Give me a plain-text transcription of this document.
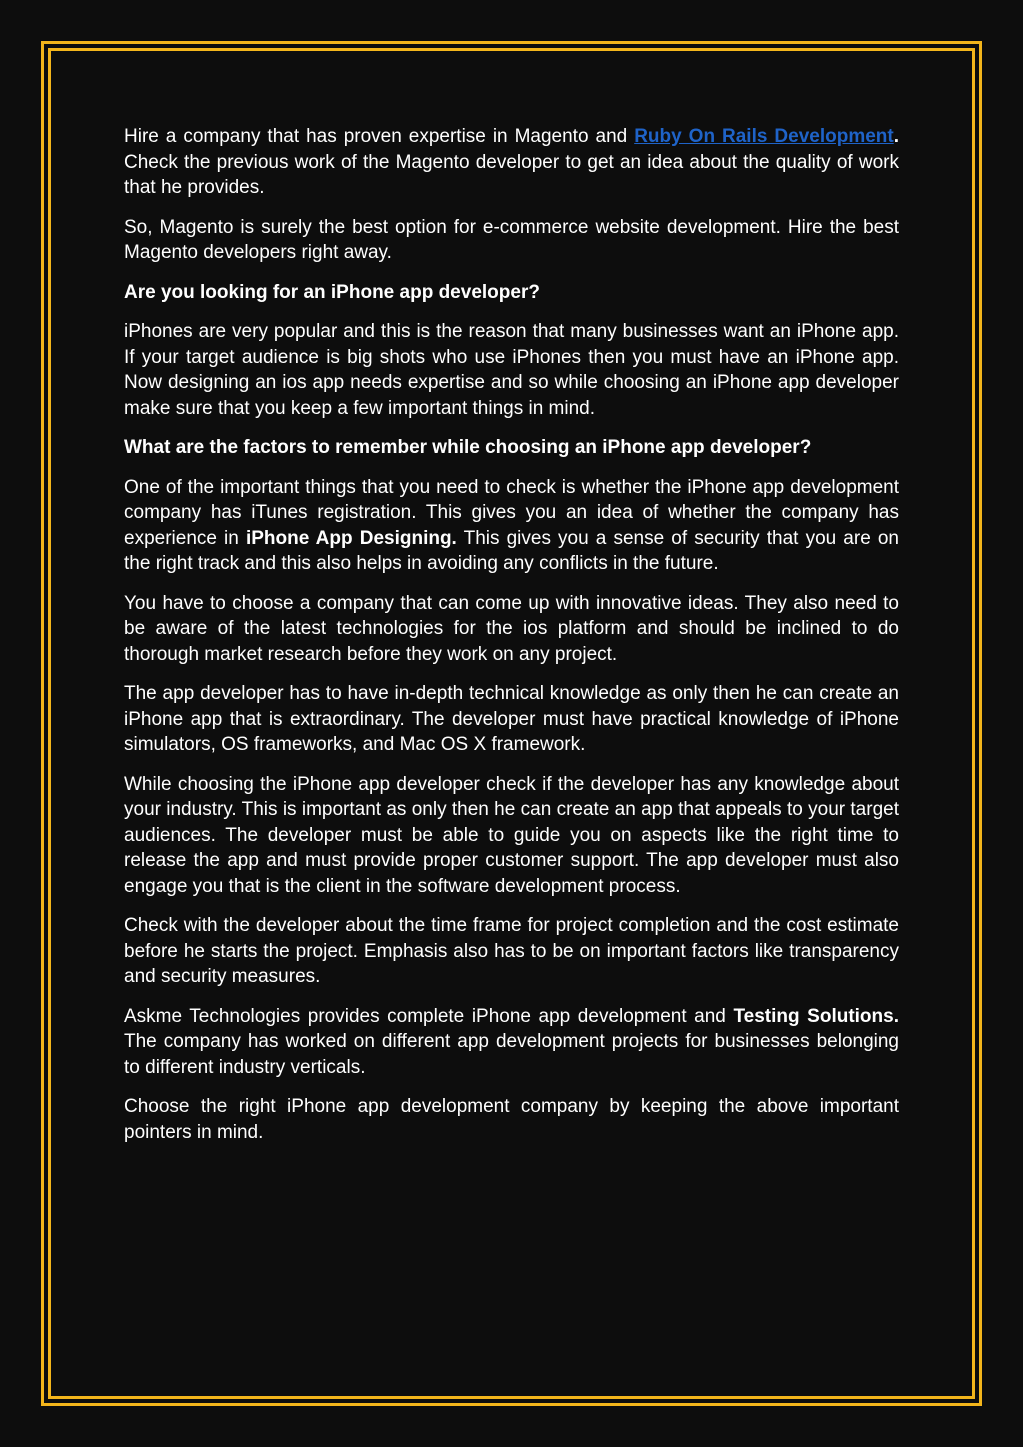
Hire a company that has proven expertise in Magento and Ruby On Rails Development. Check the previous work of the Magento developer to get an idea about the quality of work that he provides.

So, Magento is surely the best option for e-commerce website development. Hire the best Magento developers right away.

Are you looking for an iPhone app developer?

iPhones are very popular and this is the reason that many businesses want an iPhone app. If your target audience is big shots who use iPhones then you must have an iPhone app. Now designing an ios app needs expertise and so while choosing an iPhone app developer make sure that you keep a few important things in mind.

What are the factors to remember while choosing an iPhone app developer?

One of the important things that you need to check is whether the iPhone app development company has iTunes registration. This gives you an idea of whether the company has experience in iPhone App Designing. This gives you a sense of security that you are on the right track and this also helps in avoiding any conflicts in the future.

You have to choose a company that can come up with innovative ideas. They also need to be aware of the latest technologies for the ios platform and should be inclined to do thorough market research before they work on any project.

The app developer has to have in-depth technical knowledge as only then he can create an iPhone app that is extraordinary. The developer must have practical knowledge of iPhone simulators, OS frameworks, and Mac OS X framework.

While choosing the iPhone app developer check if the developer has any knowledge about your industry. This is important as only then he can create an app that appeals to your target audiences. The developer must be able to guide you on aspects like the right time to release the app and must provide proper customer support. The app developer must also engage you that is the client in the software development process.

Check with the developer about the time frame for project completion and the cost estimate before he starts the project. Emphasis also has to be on important factors like transparency and security measures.

Askme Technologies provides complete iPhone app development and Testing Solutions. The company has worked on different app development projects for businesses belonging to different industry verticals.

Choose the right iPhone app development company by keeping the above important pointers in mind.
